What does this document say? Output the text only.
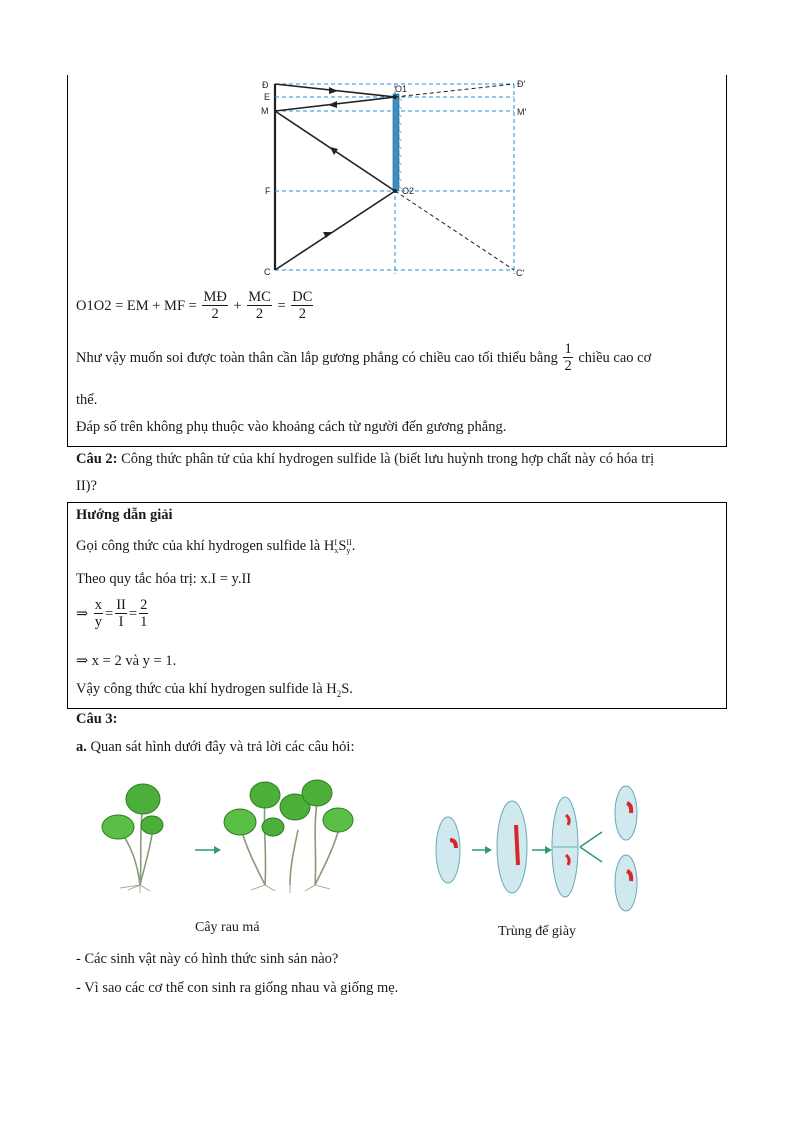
Đ
E
M
F
C
O1
O2
Đ′
M′
C′
O1O2 = EM + MF = $\frac{MĐ}{2} + \frac{MC}{2} = \frac{DC}{2}$
Như vậy muốn soi được toàn thân cần lắp gương phẳng có chiều cao tối thiểu bằng $\frac{1}{2}$ chiều cao cơ
thể.
Đáp số trên không phụ thuộc vào khoảng cách từ người đến gương phẳng.
Câu 2: Công thức phân tử của khí hydrogen sulfide là (biết lưu huỳnh trong hợp chất này có hóa trị
II)?
Hướng dẫn giải
Gọi công thức của khí hydrogen sulfide là H I
x S II
y .
Theo quy tắc hóa trị: x.I = y.II
⇒ $\frac{x}{y} = \frac{II}{I} = \frac{2}{1}$
⇒ x = 2 và y = 1.
Vậy công thức của khí hydrogen sulfide là $H_2S$.
Câu 3:
a. Quan sát hình dưới đây và trả lời các câu hỏi:
Cây rau má	Trùng đế giày
- Các sinh vật này có hình thức sinh sản nào?
- Vì sao các cơ thể con sinh ra giống nhau và giống mẹ.
